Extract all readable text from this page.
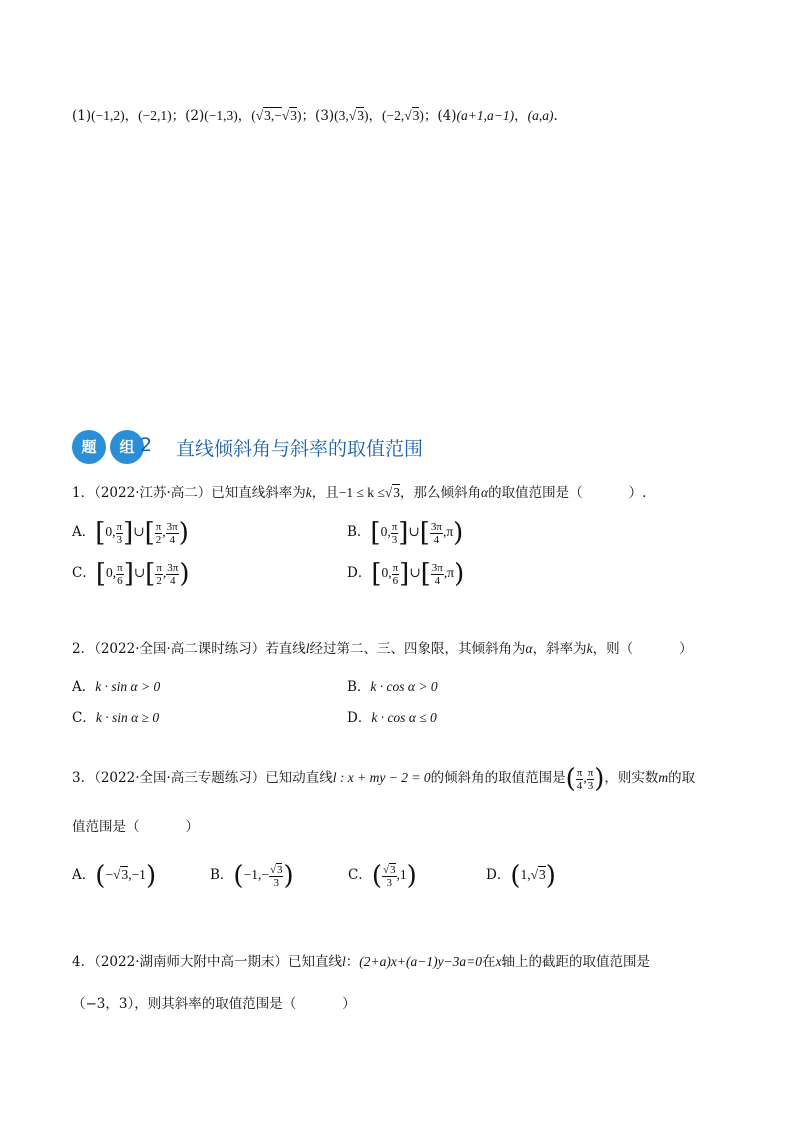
(1)(−1,2)，(−2,1)；(2)(−1,3)，(√3,−√3)；(3)(3,√3)，(−2,√3)；(4)(a+1,a−1)，(a,a).
题	组 2 直线倾斜角与斜率的取值范围
1．（2022·江苏·高二）已知直线斜率为k，且−1 ≤ k ≤√3，那么倾斜角α的取值范围是（	）.
A．[0, $\frac{\pi}{3}$ ]∪[ $\frac{\pi}{2}$ , $\frac{3\pi}{4}$ )	B．[0, $\frac{\pi}{3}$ ]∪[ $\frac{3\pi}{4} ,\pi$)
C．[0, $\frac{\pi}{6}$ ]∪[ $\frac{\pi}{2}$ , $\frac{3\pi}{4}$ )	D．[0, $\frac{\pi}{6}$ ]∪[ $\frac{3\pi}{4} ,\pi$)
2．（2022·全国·高二课时练习）若直线l经过第二、三、四象限，其倾斜角为α，斜率为k，则（	）
A．k · sin α > 0	B．k · cos α > 0
C．k · sin α ≥ 0	D．k · cos α ≤ 0
3．（2022·全国·高三专题练习）已知动直线l : x + my − 2 = 0的倾斜角的取值范围是( $\frac{\pi}{4}$ , $\frac{\pi}{3}$ )，则实数m的取
值范围是（	）
A．(−√3,−1)	B．($-1,- \frac{√3}{3}$ )	C．( $\frac{√3}{3} ,1$)	D．(1,√3)
4．（2022·湖南师大附中高一期末）已知直线l：(2+a)x+(a−1)y−3a=0在x轴上的截距的取值范围是
（−3，3），则其斜率的取值范围是（	）
